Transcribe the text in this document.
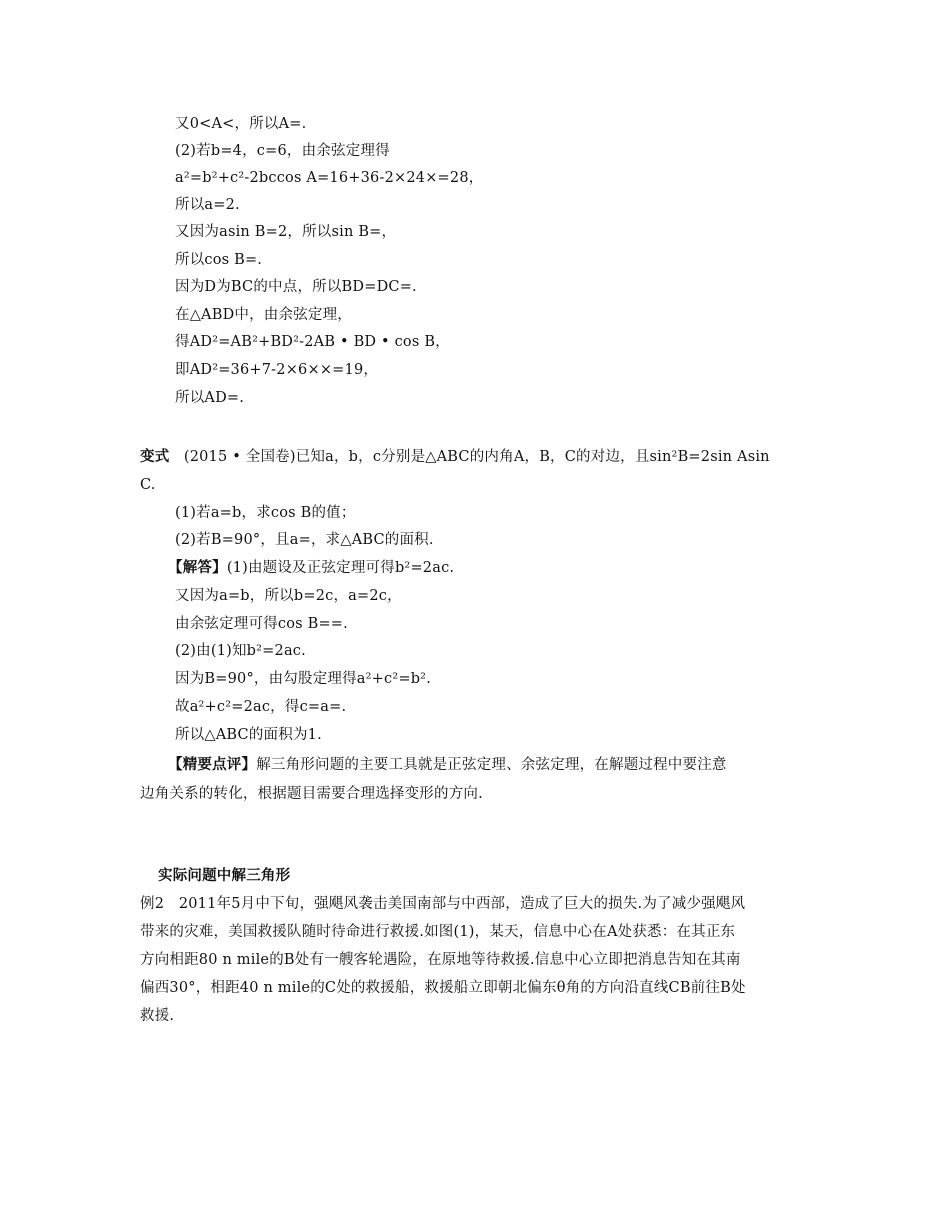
又0<A<，所以A=.
(2)若b=4，c=6，由余弦定理得
a²=b²+c²-2bccos A=16+36-2×24×=28，
所以a=2.
又因为asin B=2，所以sin B=，
所以cos B=.
因为D为BC的中点，所以BD=DC=.
在△ABD中，由余弦定理，
得AD²=AB²+BD²-2AB • BD • cos B，
即AD²=36+7-2×6××=19，
所以AD=.
变式 (2015 • 全国卷)已知a，b，c分别是△ABC的内角A，B，C的对边，且sin²B=2sin Asin
C.
(1)若a=b，求cos B的值；
(2)若B=90°，且a=，求△ABC的面积.
【解答】(1)由题设及正弦定理可得b²=2ac.
又因为a=b，所以b=2c，a=2c，
由余弦定理可得cos B==.
(2)由(1)知b²=2ac.
因为B=90°，由勾股定理得a²+c²=b².
故a²+c²=2ac，得c=a=.
所以△ABC的面积为1.
【精要点评】解三角形问题的主要工具就是正弦定理、余弦定理，在解题过程中要注意
边角关系的转化，根据题目需要合理选择变形的方向.
实际问题中解三角形
例2　2011年5月中下旬，强飓风袭击美国南部与中西部，造成了巨大的损失.为了减少强飓风
带来的灾难，美国救援队随时待命进行救援.如图(1)，某天，信息中心在A处获悉：在其正东
方向相距80 n mile的B处有一艘客轮遇险，在原地等待救援.信息中心立即把消息告知在其南
偏西30°，相距40 n mile的C处的救援船，救援船立即朝北偏东θ角的方向沿直线CB前往B处
救援.
